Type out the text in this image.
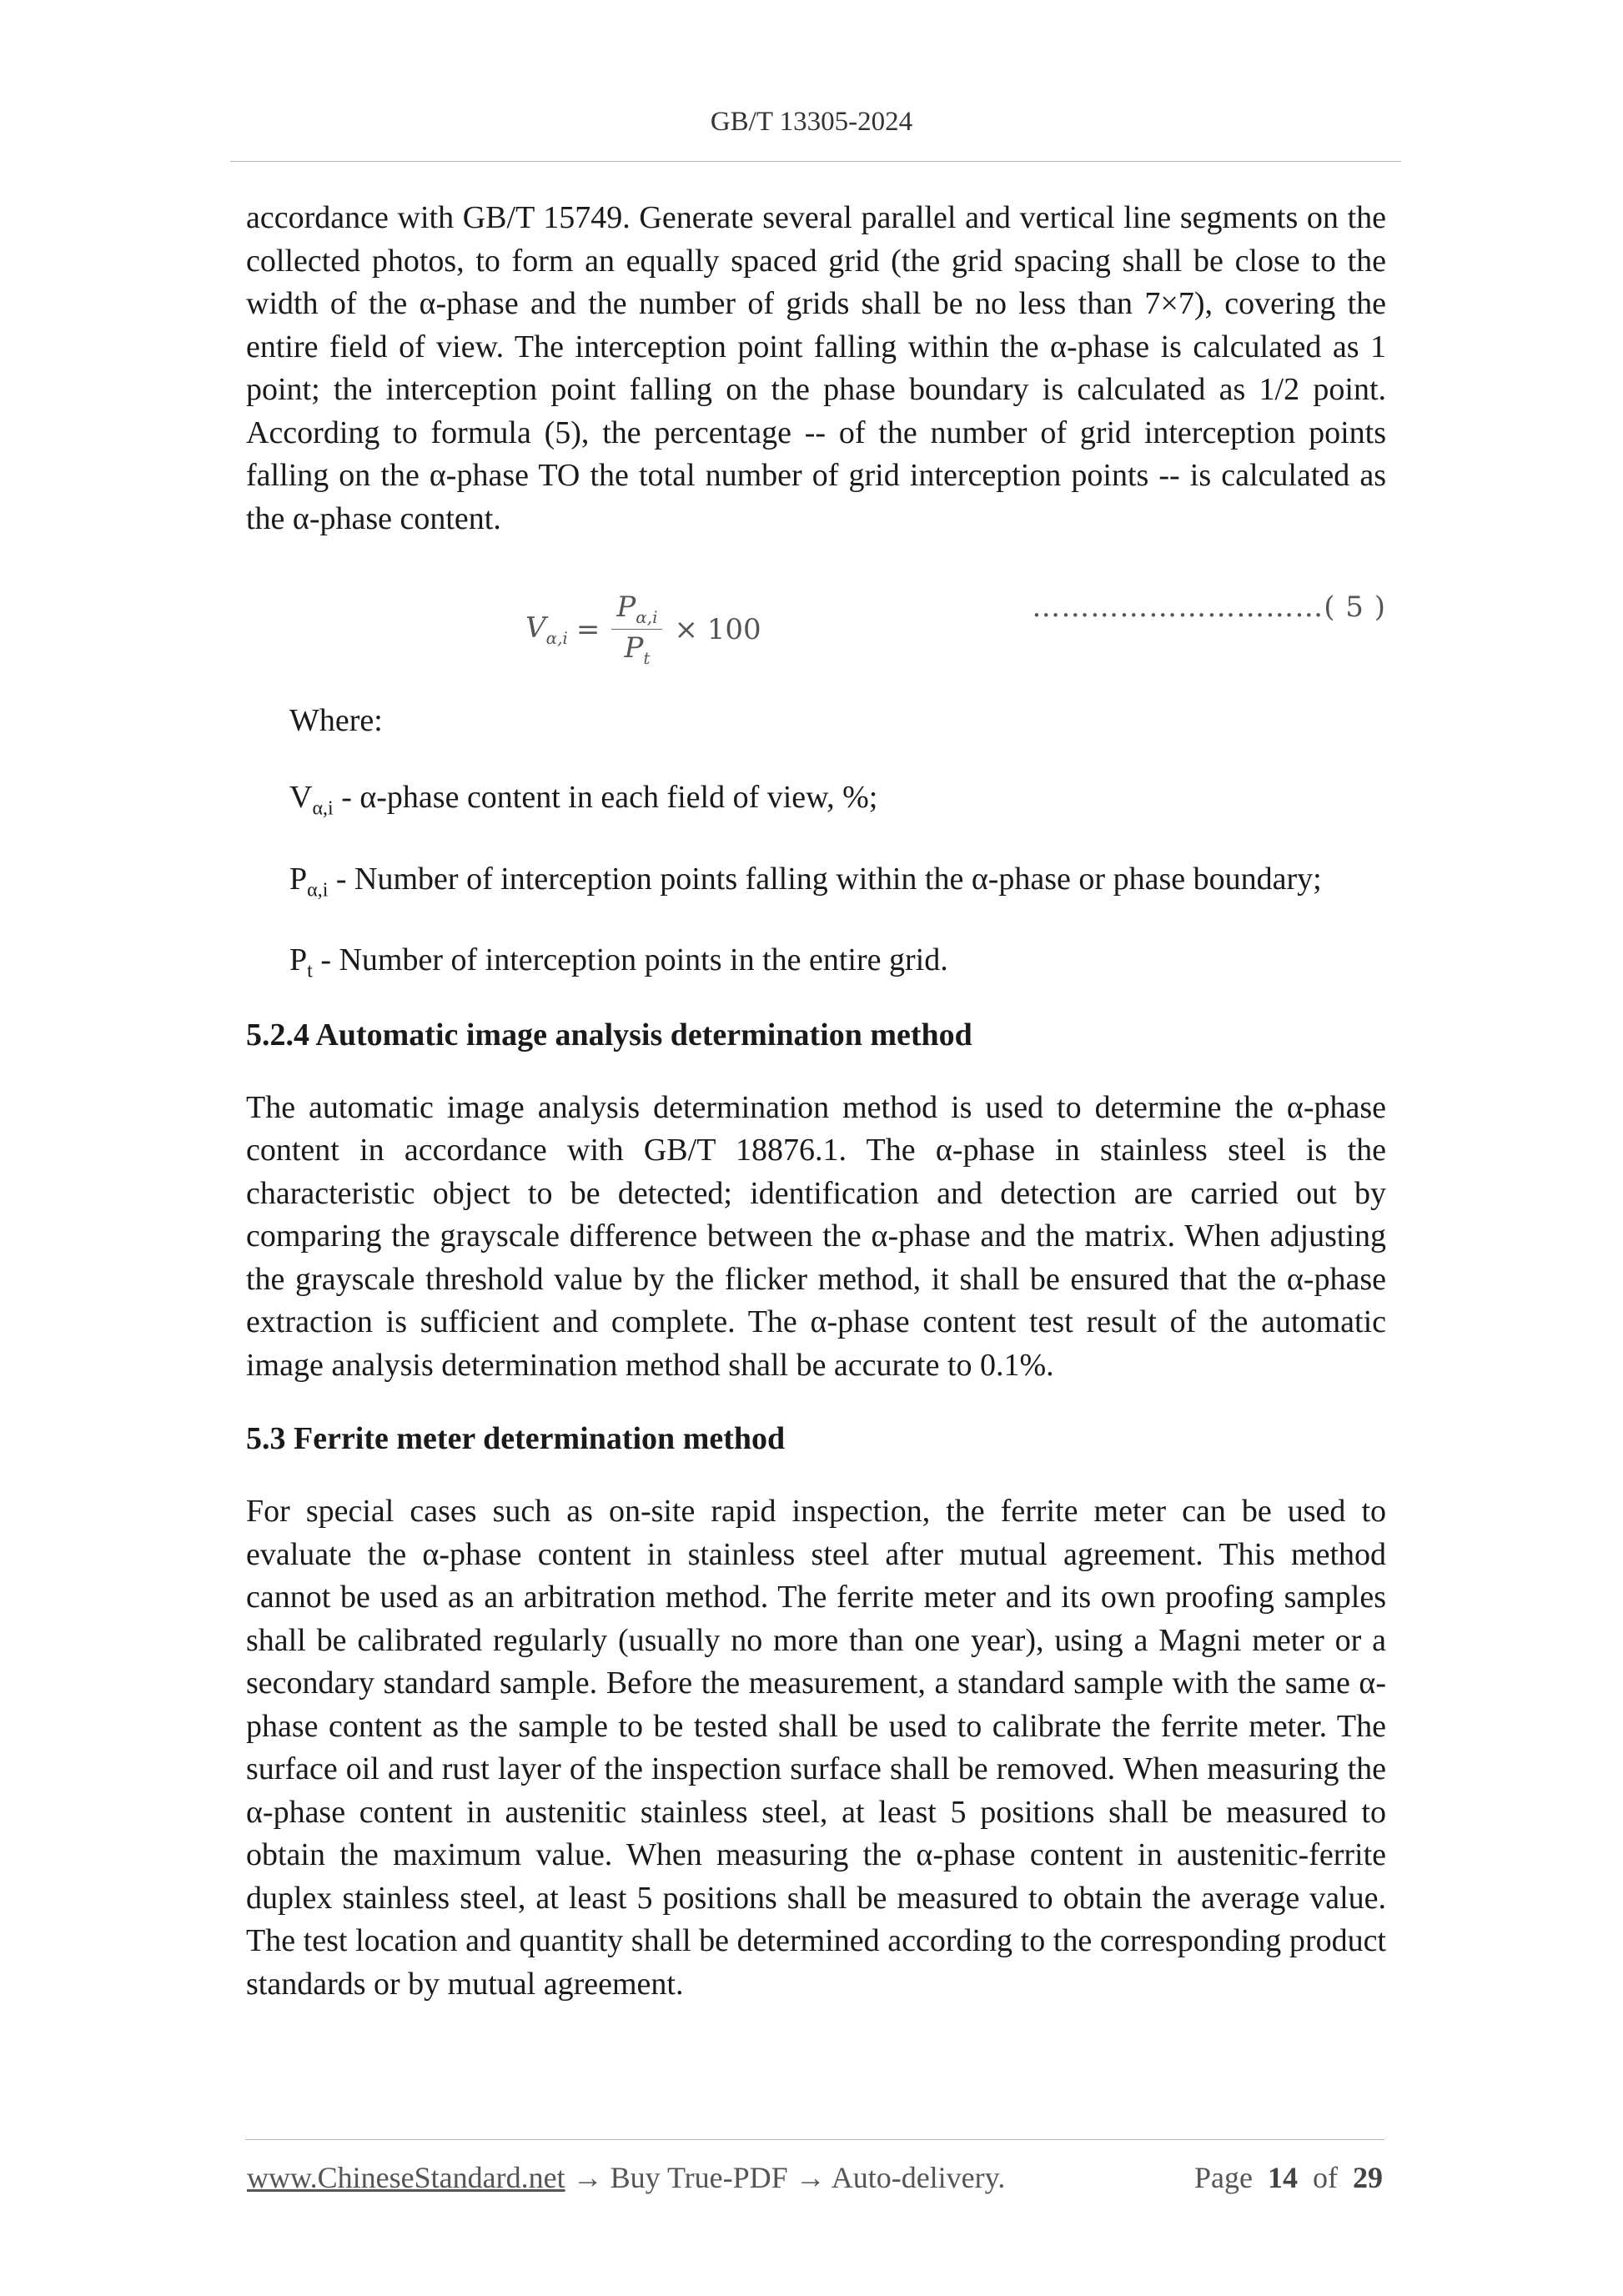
GB/T 13305-2024

accordance with GB/T 15749. Generate several parallel and vertical line segments on the collected photos, to form an equally spaced grid (the grid spacing shall be close to the width of the α-phase and the number of grids shall be no less than 7×7), covering the entire field of view. The interception point falling within the α-phase is calculated as 1 point; the interception point falling on the phase boundary is calculated as 1/2 point. According to formula (5), the percentage -- of the number of grid interception points falling on the α-phase TO the total number of grid interception points -- is calculated as the α-phase content.

$V_{\alpha,i} = \frac{P_{\alpha,i}}{P_t} \times 100$
…………………………( 5 )
Where:
$V_{\alpha,i}$ - α-phase content in each field of view, %;
$P_{\alpha,i}$ - Number of interception points falling within the α-phase or phase boundary;
$P_t$ - Number of interception points in the entire grid.
5.2.4 Automatic image analysis determination method

The automatic image analysis determination method is used to determine the α-phase content in accordance with GB/T 18876.1. The α-phase in stainless steel is the characteristic object to be detected; identification and detection are carried out by comparing the grayscale difference between the α-phase and the matrix. When adjusting the grayscale threshold value by the flicker method, it shall be ensured that the α-phase extraction is sufficient and complete. The α-phase content test result of the automatic image analysis determination method shall be accurate to 0.1%.

5.3 Ferrite meter determination method

For special cases such as on-site rapid inspection, the ferrite meter can be used to evaluate the α-phase content in stainless steel after mutual agreement. This method cannot be used as an arbitration method. The ferrite meter and its own proofing samples shall be calibrated regularly (usually no more than one year), using a Magni meter or a secondary standard sample. Before the measurement, a standard sample with the same α-phase content as the sample to be tested shall be used to calibrate the ferrite meter. The surface oil and rust layer of the inspection surface shall be removed. When measuring the α-phase content in austenitic stainless steel, at least 5 positions shall be measured to obtain the maximum value. When measuring the α-phase content in austenitic-ferrite duplex stainless steel, at least 5 positions shall be measured to obtain the average value. The test location and quantity shall be determined according to the corresponding product standards or by mutual agreement.

www.ChineseStandard.net → Buy True-PDF → Auto-delivery.	Page 14 of 29
